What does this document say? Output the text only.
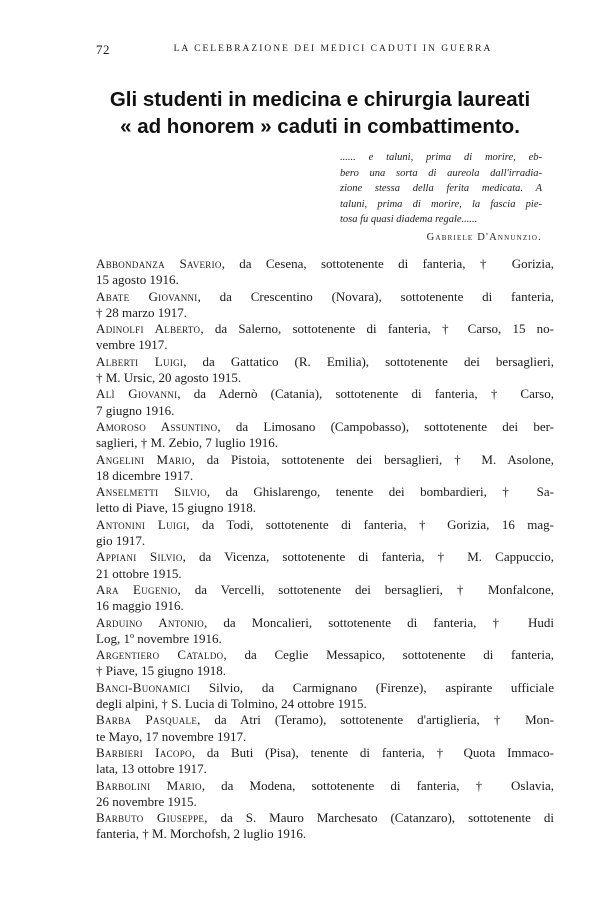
72	LA CELEBRAZIONE DEI MEDICI CADUTI IN GUERRA
Gli studenti in medicina e chirurgia laureati
« ad honorem » caduti in combattimento.
...... e taluni, prima di morire, eb-
bero una sorta di aureola dall'irradia-
zione stessa della ferita medicata. A
taluni, prima di morire, la fascia pie-
tosa fu quasi diadema regale......
Gabriele D'Annunzio.

Abbondanza Saverio, da Cesena, sottotenente di fanteria, † Gorizia,
15 agosto 1916.

Abate Giovanni, da Crescentino (Novara), sottotenente di fanteria,
† 28 marzo 1917.

Adinolfi Alberto, da Salerno, sottotenente di fanteria, † Carso, 15 no-
vembre 1917.

Alberti Luigi, da Gattatico (R. Emilia), sottotenente dei bersaglieri,
† M. Ursic, 20 agosto 1915.

Alì Giovanni, da Adernò (Catania), sottotenente di fanteria, † Carso,
7 giugno 1916.

Amoroso Assuntino, da Limosano (Campobasso), sottotenente dei ber-
saglieri, † M. Zebio, 7 luglio 1916.

Angelini Mario, da Pistoia, sottotenente dei bersaglieri, † M. Asolone,
18 dicembre 1917.

Anselmetti Silvio, da Ghislarengo, tenente dei bombardieri, † Sa-
letto di Piave, 15 giugno 1918.

Antonini Luigi, da Todi, sottotenente di fanteria, † Gorizia, 16 mag-
gio 1917.

Appiani Silvio, da Vicenza, sottotenente di fanteria, † M. Cappuccio,
21 ottobre 1915.

Ara Eugenio, da Vercelli, sottotenente dei bersaglieri, † Monfalcone,
16 maggio 1916.

Arduino Antonio, da Moncalieri, sottotenente di fanteria, † Hudi
Log, 1º novembre 1916.

Argentiero Cataldo, da Ceglie Messapico, sottotenente di fanteria,
† Piave, 15 giugno 1918.

Banci-Buonamici Silvio, da Carmignano (Firenze), aspirante ufficiale
degli alpini, † S. Lucia di Tolmino, 24 ottobre 1915.

Barba Pasquale, da Atri (Teramo), sottotenente d'artiglieria, † Mon-
te Mayo, 17 novembre 1917.

Barbieri Iacopo, da Buti (Pisa), tenente di fanteria, † Quota Immaco-
lata, 13 ottobre 1917.

Barbolini Mario, da Modena, sottotenente di fanteria, † Oslavia,
26 novembre 1915.

Barbuto Giuseppe, da S. Mauro Marchesato (Catanzaro), sottotenente di
fanteria, † M. Morchofsh, 2 luglio 1916.
